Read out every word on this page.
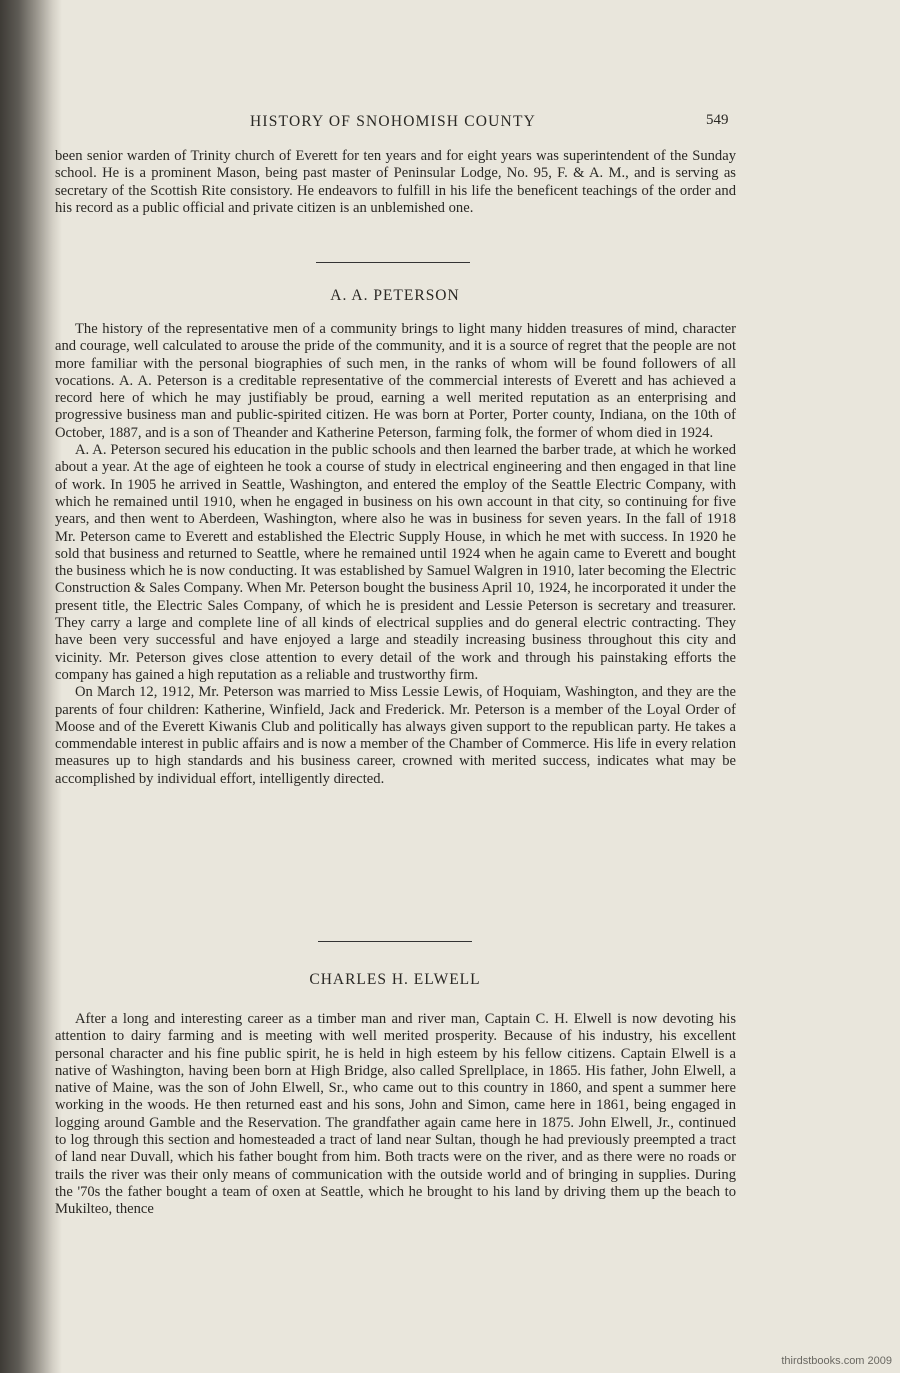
HISTORY OF SNOHOMISH COUNTY	549

been senior warden of Trinity church of Everett for ten years and for eight years was superintendent of the Sunday school. He is a prominent Mason, being past master of Peninsular Lodge, No. 95, F. & A. M., and is serving as secretary of the Scottish Rite consistory. He endeavors to fulfill in his life the beneficent teachings of the order and his record as a public official and private citizen is an unblemished one.

A. A. PETERSON

The history of the representative men of a community brings to light many hidden treasures of mind, character and courage, well calculated to arouse the pride of the community, and it is a source of regret that the people are not more familiar with the personal biographies of such men, in the ranks of whom will be found followers of all vocations. A. A. Peterson is a creditable representative of the commercial interests of Everett and has achieved a record here of which he may justifiably be proud, earning a well merited reputation as an enterprising and progressive business man and public-spirited citizen. He was born at Porter, Porter county, Indiana, on the 10th of October, 1887, and is a son of Theander and Katherine Peterson, farming folk, the former of whom died in 1924.

A. A. Peterson secured his education in the public schools and then learned the barber trade, at which he worked about a year. At the age of eighteen he took a course of study in electrical engineering and then engaged in that line of work. In 1905 he arrived in Seattle, Washington, and entered the employ of the Seattle Electric Company, with which he remained until 1910, when he engaged in business on his own account in that city, so continuing for five years, and then went to Aberdeen, Washington, where also he was in business for seven years. In the fall of 1918 Mr. Peterson came to Everett and established the Electric Supply House, in which he met with success. In 1920 he sold that business and returned to Seattle, where he remained until 1924 when he again came to Everett and bought the business which he is now conducting. It was established by Samuel Walgren in 1910, later becoming the Electric Construction & Sales Company. When Mr. Peterson bought the business April 10, 1924, he incorporated it under the present title, the Electric Sales Company, of which he is president and Lessie Peterson is secretary and treasurer. They carry a large and complete line of all kinds of electrical supplies and do general electric contracting. They have been very successful and have enjoyed a large and steadily increasing business throughout this city and vicinity. Mr. Peterson gives close attention to every detail of the work and through his painstaking efforts the company has gained a high reputation as a reliable and trustworthy firm.

On March 12, 1912, Mr. Peterson was married to Miss Lessie Lewis, of Hoquiam, Washington, and they are the parents of four children: Katherine, Winfield, Jack and Frederick. Mr. Peterson is a member of the Loyal Order of Moose and of the Everett Kiwanis Club and politically has always given support to the republican party. He takes a commendable interest in public affairs and is now a member of the Chamber of Commerce. His life in every relation measures up to high standards and his business career, crowned with merited success, indicates what may be accomplished by individual effort, intelligently directed.

CHARLES H. ELWELL

After a long and interesting career as a timber man and river man, Captain C. H. Elwell is now devoting his attention to dairy farming and is meeting with well merited prosperity. Because of his industry, his excellent personal character and his fine public spirit, he is held in high esteem by his fellow citizens. Captain Elwell is a native of Washington, having been born at High Bridge, also called Sprellplace, in 1865. His father, John Elwell, a native of Maine, was the son of John Elwell, Sr., who came out to this country in 1860, and spent a summer here working in the woods. He then returned east and his sons, John and Simon, came here in 1861, being engaged in logging around Gamble and the Reservation. The grandfather again came here in 1875. John Elwell, Jr., continued to log through this section and homesteaded a tract of land near Sultan, though he had previously preempted a tract of land near Duvall, which his father bought from him. Both tracts were on the river, and as there were no roads or trails the river was their only means of communication with the outside world and of bringing in supplies. During the '70s the father bought a team of oxen at Seattle, which he brought to his land by driving them up the beach to Mukilteo, thence

thirdstbooks.com 2009
